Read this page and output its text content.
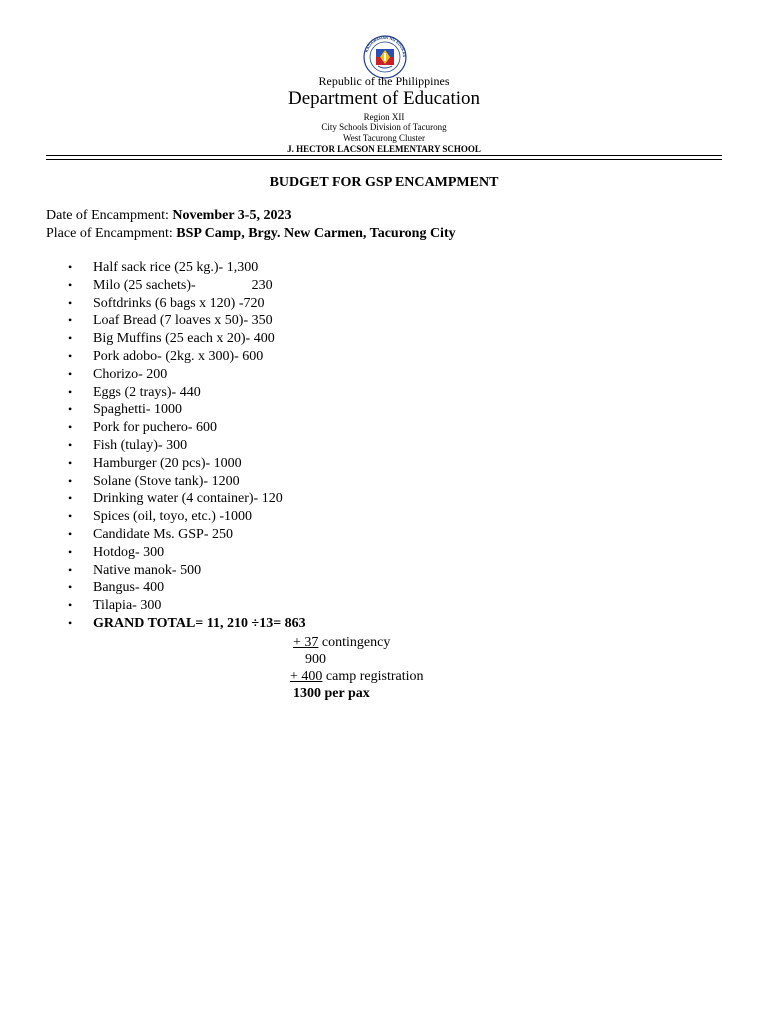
KAGAWARAN NG EDUKAS
Republic of the Philippines
Department of Education
Region XII
City Schools Division of Tacurong
West Tacurong Cluster
J. HECTOR LACSON ELEMENTARY SCHOOL
BUDGET FOR GSP ENCAMPMENT
Date of Encampment: November 3-5, 2023
Place of Encampment: BSP Camp, Brgy. New Carmen, Tacurong City
• Half sack rice (25 kg.)- 1,300
• Milo (25 sachets)-                230
• Softdrinks (6 bags x 120) -720
• Loaf Bread (7 loaves x 50)- 350
• Big Muffins (25 each x 20)- 400
• Pork adobo- (2kg. x 300)- 600
• Chorizo- 200
• Eggs (2 trays)- 440
• Spaghetti- 1000
• Pork for puchero- 600
• Fish (tulay)- 300
• Hamburger (20 pcs)- 1000
• Solane (Stove tank)- 1200
• Drinking water (4 container)- 120
• Spices (oil, toyo, etc.) -1000
• Candidate Ms. GSP- 250
• Hotdog- 300
• Native manok- 500
• Bangus- 400
• Tilapia- 300
• GRAND TOTAL= 11, 210 ÷13= 863
+ 37 contingency
900
+ 400 camp registration
1300 per pax
